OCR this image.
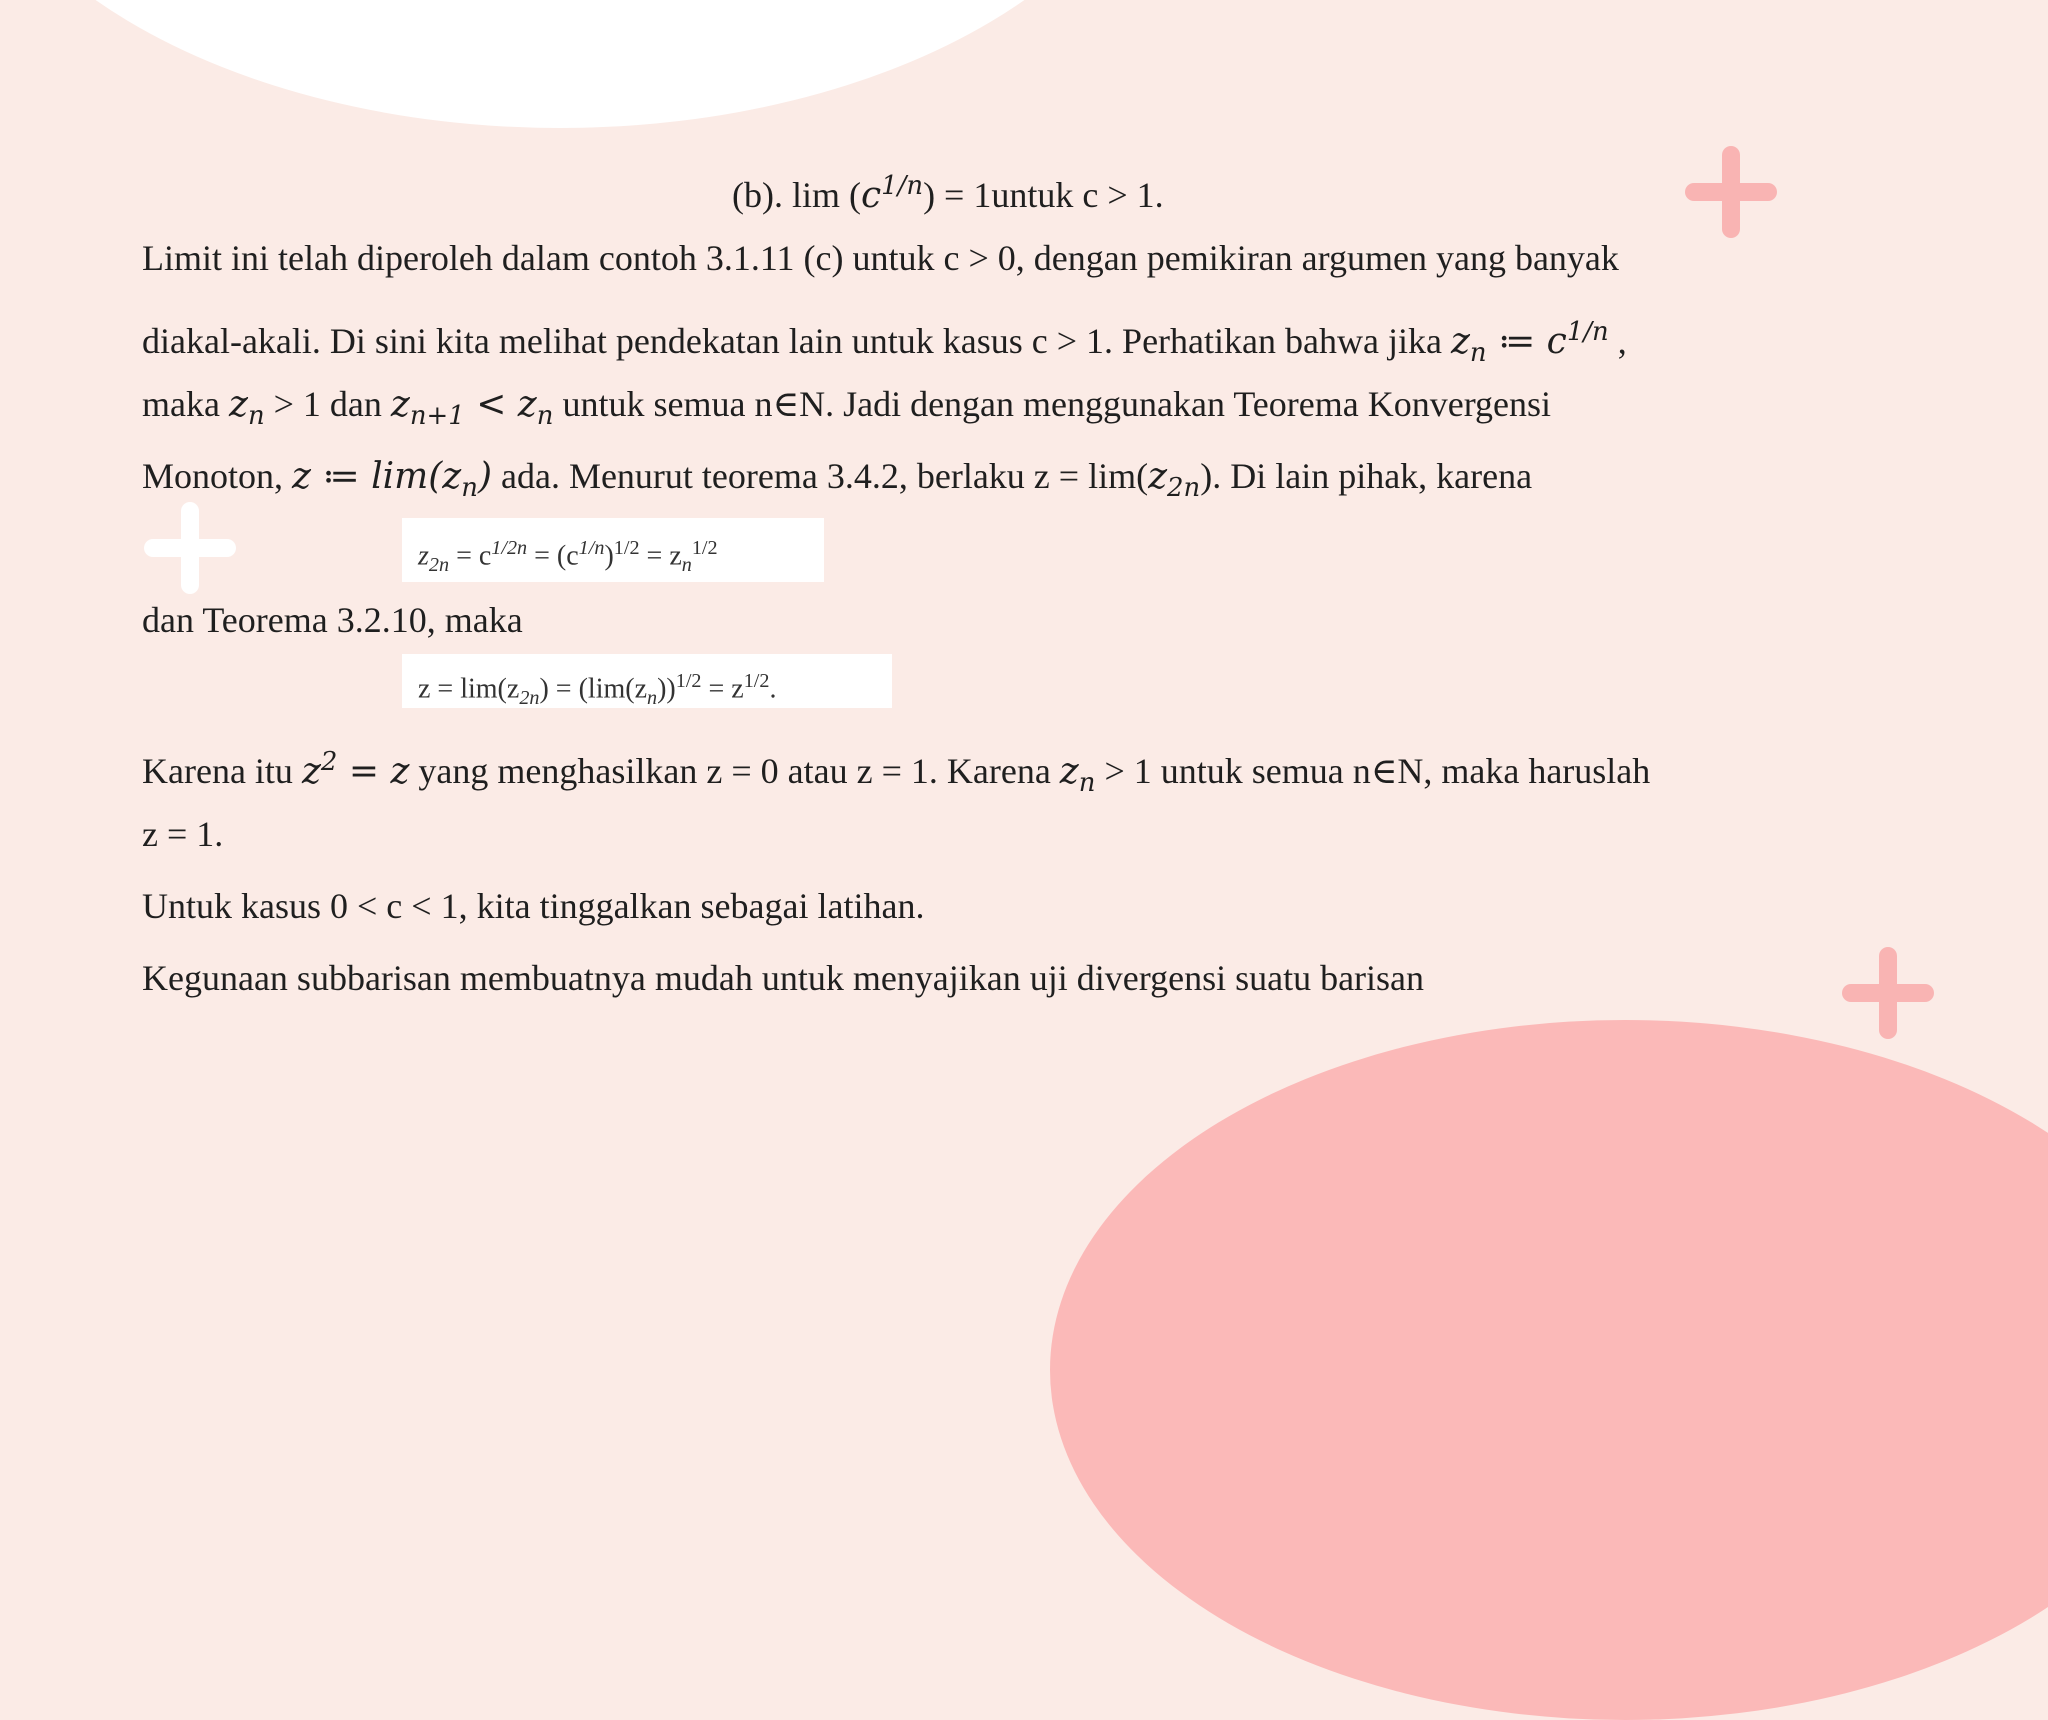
(b). $\lim (c^{1/n})$ = 1untuk c > 1.
Limit ini telah diperoleh dalam contoh 3.1.11 (c) untuk c > 0, dengan pemikiran argumen yang banyak
diakal-akali. Di sini kita melihat pendekatan lain untuk kasus c > 1. Perhatikan bahwa jika $z_n$ ≔ $c^{1/n}$ ,
maka $z_n > 1$ dan $z_{n+1} < z_n$ untuk semua n∈N. Jadi dengan menggunakan Teorema Konvergensi
Monoton, z ≔ $\lim(z_n)$ ada. Menurut teorema 3.4.2, berlaku $z = \lim(z_{2n})$. Di lain pihak, karena
$z_{2n} = c^{1/2n} = (c^{1/n})^{1/2} = z_n^{1/2}$
dan Teorema 3.2.10, maka
$z = \lim(z_{2n}) = (\lim(z_n))^{1/2} = z^{1/2}$.
Karena itu $z^2 = z$ yang menghasilkan z = 0 atau z = 1. Karena $z_n > 1$ untuk semua n∈N, maka haruslah
z = 1.
Untuk kasus 0 < c < 1, kita tinggalkan sebagai latihan.
Kegunaan subbarisan membuatnya mudah untuk menyajikan uji divergensi suatu barisan
